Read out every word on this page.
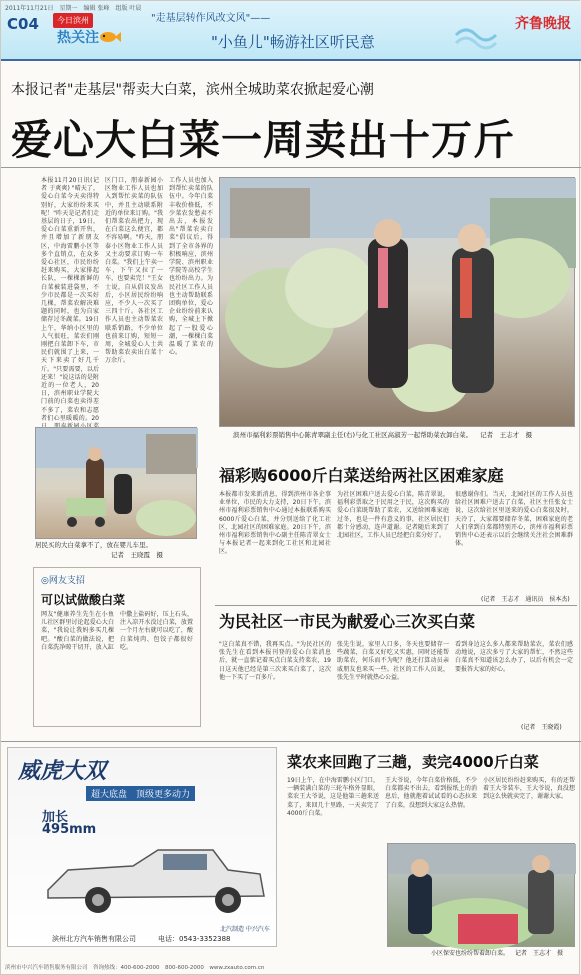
2011年11月21日　星期一　编辑 张峰　组版 叶晨
C04	今日滨州
热关注
"走基层转作风改文风"——
"小鱼儿"畅游社区听民意
齐鲁晚报
本报记者"走基层"帮卖大白菜，滨州全城助菜农掀起爱心潮
爱心大白菜一周卖出十万斤
本报11月20日讯(记者 于爽爽) "晴天了，爱心白菜今天卖得特别好，大家纷纷来买呢！"昨天是记者们走基层的日子，19日，爱心白菜重新开售，并且增加了新朋友区，中海雷鹏小区等多个直销点，在众多爱心社区，市民纷纷赶来购买，大家排起长队，一棵棵新鲜的白菜被装进袋里，不少市民都是一次买好几棵，帮菜农解决难题的同时，也为自家储存过冬蔬菜。19日上午，华纳小区里的人气很旺，菜农们刚刚把白菜卸下车，市民们就围了上来，一天下来卖了好几千斤。"只要需要，以后还来！"说这话的是附近的一位老人，20日，滨州职业学院大门前的白菜也卖得差不多了，菜农和志愿者们心里暖暖的。20
区门口，朋泰新园小区物业工作人员也加入到帮忙卖菜的队伍中，并且主动联系附近的单位来订购。"我们帮菜农出把力，现在白菜这么便宜，都不容易啊。"昨天，朋泰小区物业工作人员又主动要求订购一车白菜。"我们上午卖一车，下午又拉了一车，也要卖完！"王女士说，自从倡议发出后，小区居民纷纷响应，不少人一次买了三四十斤。各社区工作人员也主动帮菜农联系销路，不少单位也前来订购，短短一周，全城爱心人士共帮助菜农卖出白菜十万余斤。
工作人员也加入到帮忙卖菜的队伍中。今年白菜丰收价格低，不少菜农发愁卖不出去，本报发出"帮菜农卖白菜"倡议后，得到了全市各界的积极响应，滨州学院、滨州职业学院等高校学生也纷纷出力。为民社区工作人员也主动帮助联系团购单位，爱心企业纷纷前来认购，全城上下掀起了一股爱心潮，一棵棵白菜温暖了菜农的心。
滨州市福利彩票销售中心陈青翠副主任(右)与化工社区高淑芳一起帮助菜农卸白菜。 记者　王志才　摄
居民买的大白菜拿不了，放在婴儿车里。
记者　王晓霞　摄
福彩购6000斤白菜送给两社区困难家庭
本报都市发来新消息，得到滨州市各企事业单位，市民的大力支持，20日下午，滨州市福利彩票销售中心通过本报联系购买6000斤爱心白菜，并分别送给了化工社区、北园社区的困难家庭。20日下午，滨州市福利彩票销售中心副主任陈青翠女士与本报记者一起来到化工社区和北园社区。
为社区困难户送去爱心白菜，陈青翠说，福利彩票取之于民用之于民，这次购买的爱心白菜既帮助了菜农，又送给困难家庭过冬，也是一件有意义的事，社区居民们都十分感动，连声道谢。记者随后来到了北园社区，工作人员已经把白菜分好了。
很感谢你们。当天，北园社区的工作人员也给社区困难户送去了白菜，社区主任张女士说，这次给社区里送来的爱心白菜很及时，天冷了，大家都要储存冬菜，困难家庭的老人们拿到白菜都特别开心，滨州市福利彩票销售中心还表示以后会继续关注社会困难群体。
(记者　王志才　通讯员　侯本杰)
◎网友支招
可以试做酸白菜
网友"健康养生先生在小鱼儿社区群里讨论起爱心大白菜，"我说让我妈多买几棵吧。"酸白菜的做法说，把白菜洗净晾干切开，放入缸中撒上盐码好，压上石头，注入凉开水没过白菜，放置一个月左右就可以吃了，酸白菜炖肉、包饺子都很好吃。
为民社区一市民为献爱心三次买白菜
"这白菜真不错，我再买点。"为民社区的张先生在看到本报刊登的爱心白菜消息后，就一直惦记着买点白菜支持菜农，19日这天他已经是第三次来买白菜了，这次他一下买了一百多斤。
张先生说，家里人口多，冬天也要储存一些蔬菜，白菜又好吃又实惠，同时还能帮助菜农，何乐而不为呢？他还打算动员亲戚朋友也来买一些。社区的工作人员说，张先生平时就热心公益。
看到身边这么多人都来帮助菜农，菜农们感动地说，这次多亏了大家的帮忙，不然这些白菜真不知道该怎么办了，以后有机会一定要报答大家的好心。
(记者　王晓霞)
威虎大双
超大底盘　顶级更多动力
加长
495mm
滨州北方汽车销售有限公司	电话：0543-3352388
北汽制造 中兴汽车
菜农来回跑了三趟，卖完4000斤白菜
19日上午，在中海雷鹏小区门口，一辆装满白菜的三轮车格外显眼，菜农王大爷说，这是他第三趟来送菜了，来回几十里路，一天卖完了4000斤白菜。
王大爷说，今年白菜价格低，不少白菜都卖不出去，看到报纸上的消息后，他就抱着试试看的心态拉来了白菜，没想到大家这么热情。
小区居民纷纷赶来购买，有的还帮着王大爷装车，王大爷说，真没想到这么快就卖完了，谢谢大家。
小区保安也纷纷帮着卸白菜。 记者　王志才　摄
滨州市中兴汽车销售服务有限公司　咨询热线：400-600-2000　800-600-2000　www.zxauto.com.cn
